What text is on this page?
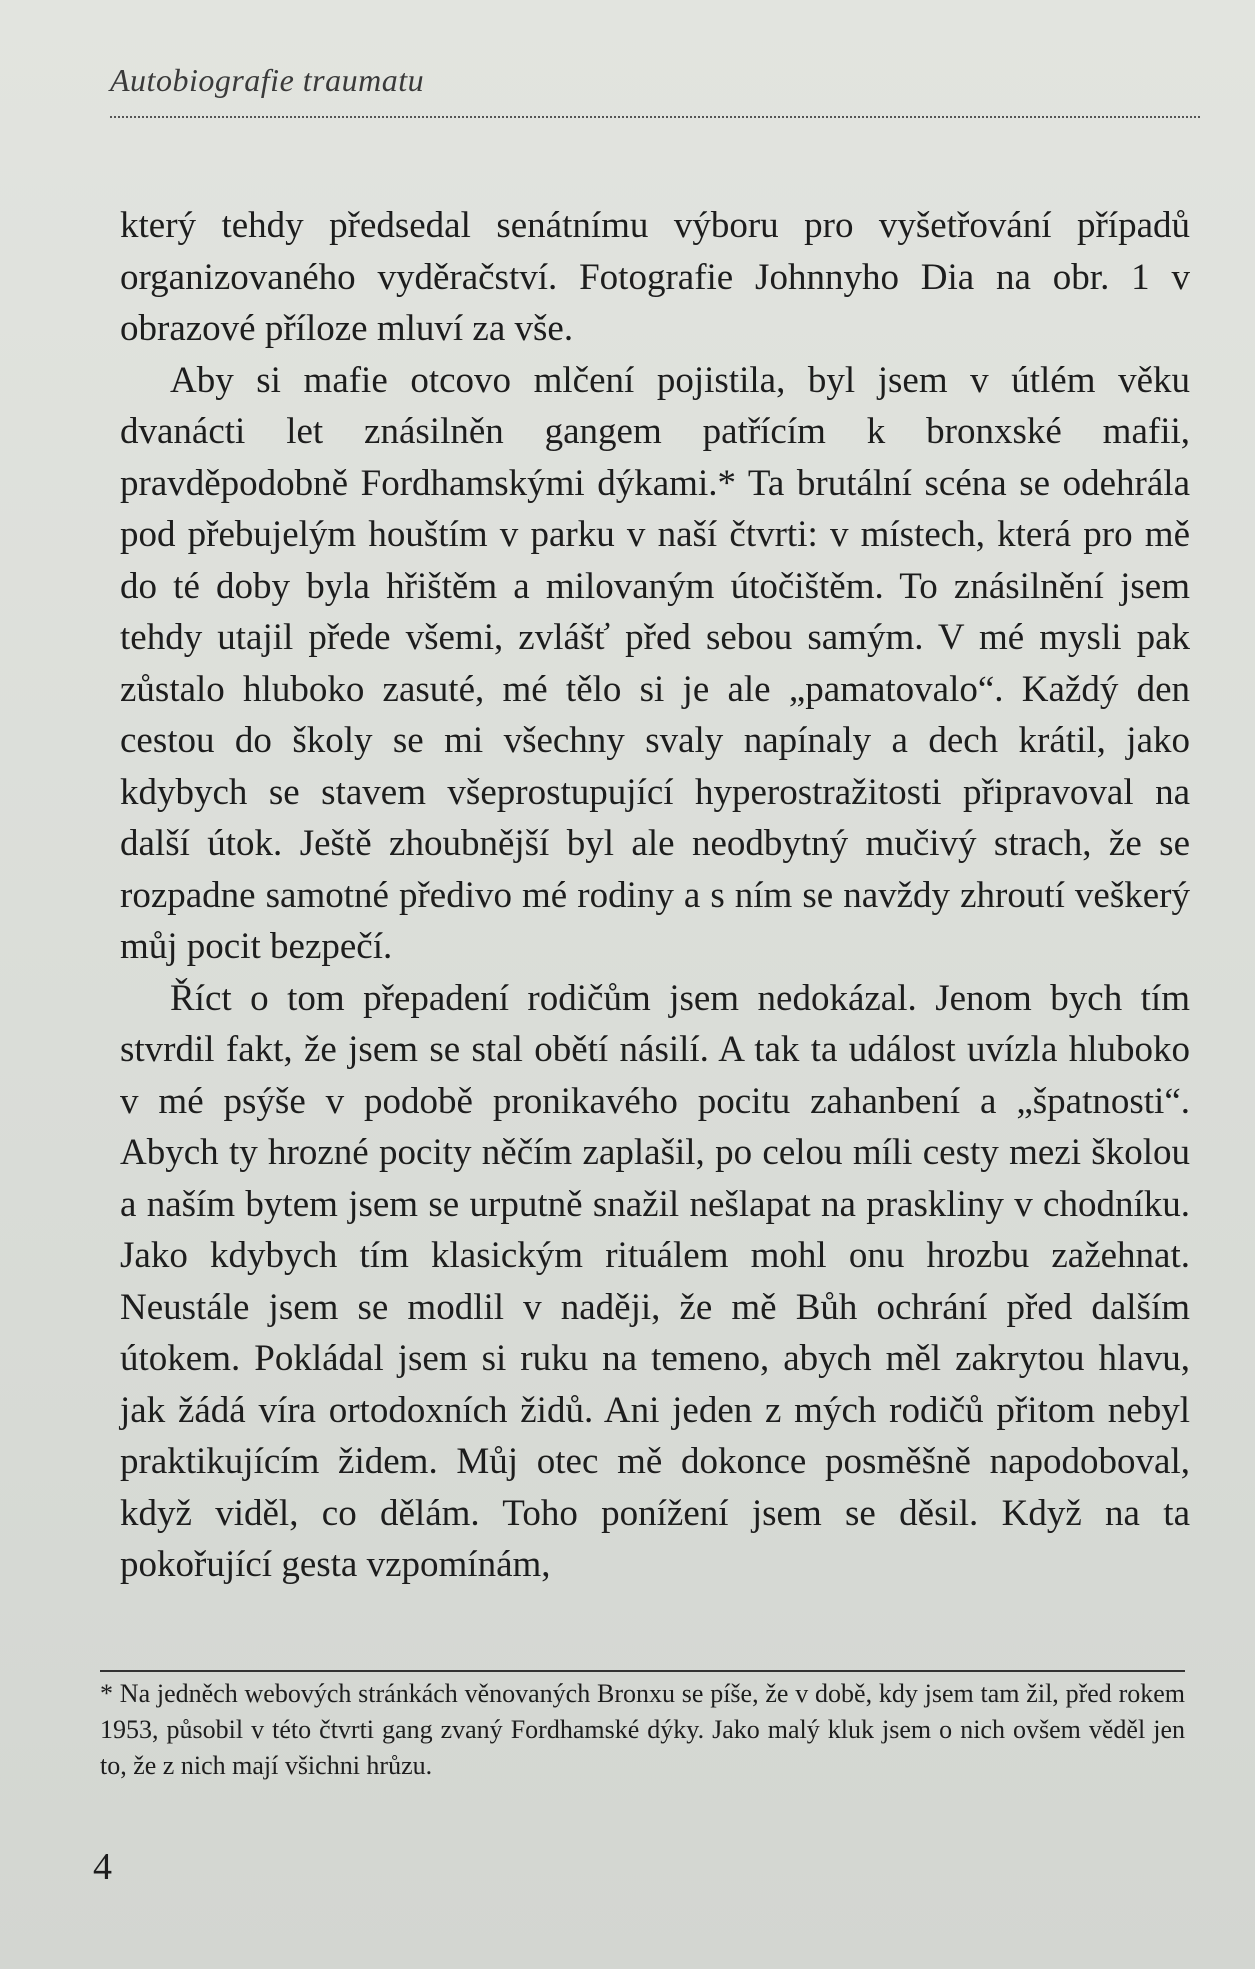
Autobiografie traumatu

který tehdy předsedal senátnímu výboru pro vyšetřování případů organizovaného vyděračství. Fotografie Johnnyho Dia na obr. 1 v obrazové příloze mluví za vše.

Aby si mafie otcovo mlčení pojistila, byl jsem v útlém věku dvanácti let znásilněn gangem patřícím k bronxské mafii, pravděpodobně Fordhamskými dýkami.* Ta brutální scéna se odehrála pod přebujelým houštím v parku v naší čtvrti: v místech, která pro mě do té doby byla hřištěm a milovaným útočištěm. To znásilnění jsem tehdy utajil přede všemi, zvlášť před sebou samým. V mé mysli pak zůstalo hluboko zasuté, mé tělo si je ale „pamatovalo“. Každý den cestou do školy se mi všechny svaly napínaly a dech krátil, jako kdybych se stavem všeprostupující hyperostražitosti připravoval na další útok. Ještě zhoubnější byl ale neodbytný mučivý strach, že se rozpadne samotné předivo mé rodiny a s ním se navždy zhroutí veškerý můj pocit bezpečí.

Říct o tom přepadení rodičům jsem nedokázal. Jenom bych tím stvrdil fakt, že jsem se stal obětí násilí. A tak ta událost uvízla hluboko v mé psýše v podobě pronikavého pocitu zahanbení a „špatnosti“. Abych ty hrozné pocity něčím zaplašil, po celou míli cesty mezi školou a naším bytem jsem se urputně snažil nešlapat na praskliny v chodníku. Jako kdybych tím klasickým rituálem mohl onu hrozbu zažehnat. Neustále jsem se modlil v naději, že mě Bůh ochrání před dalším útokem. Pokládal jsem si ruku na temeno, abych měl zakrytou hlavu, jak žádá víra ortodoxních židů. Ani jeden z mých rodičů přitom nebyl praktikujícím židem. Můj otec mě dokonce posměšně napodoboval, když viděl, co dělám. Toho ponížení jsem se děsil. Když na ta pokořující gesta vzpomínám,

* Na jedněch webových stránkách věnovaných Bronxu se píše, že v době, kdy jsem tam žil, před rokem 1953, působil v této čtvrti gang zvaný Fordhamské dýky. Jako malý kluk jsem o nich ovšem věděl jen to, že z nich mají všichni hrůzu.
4
